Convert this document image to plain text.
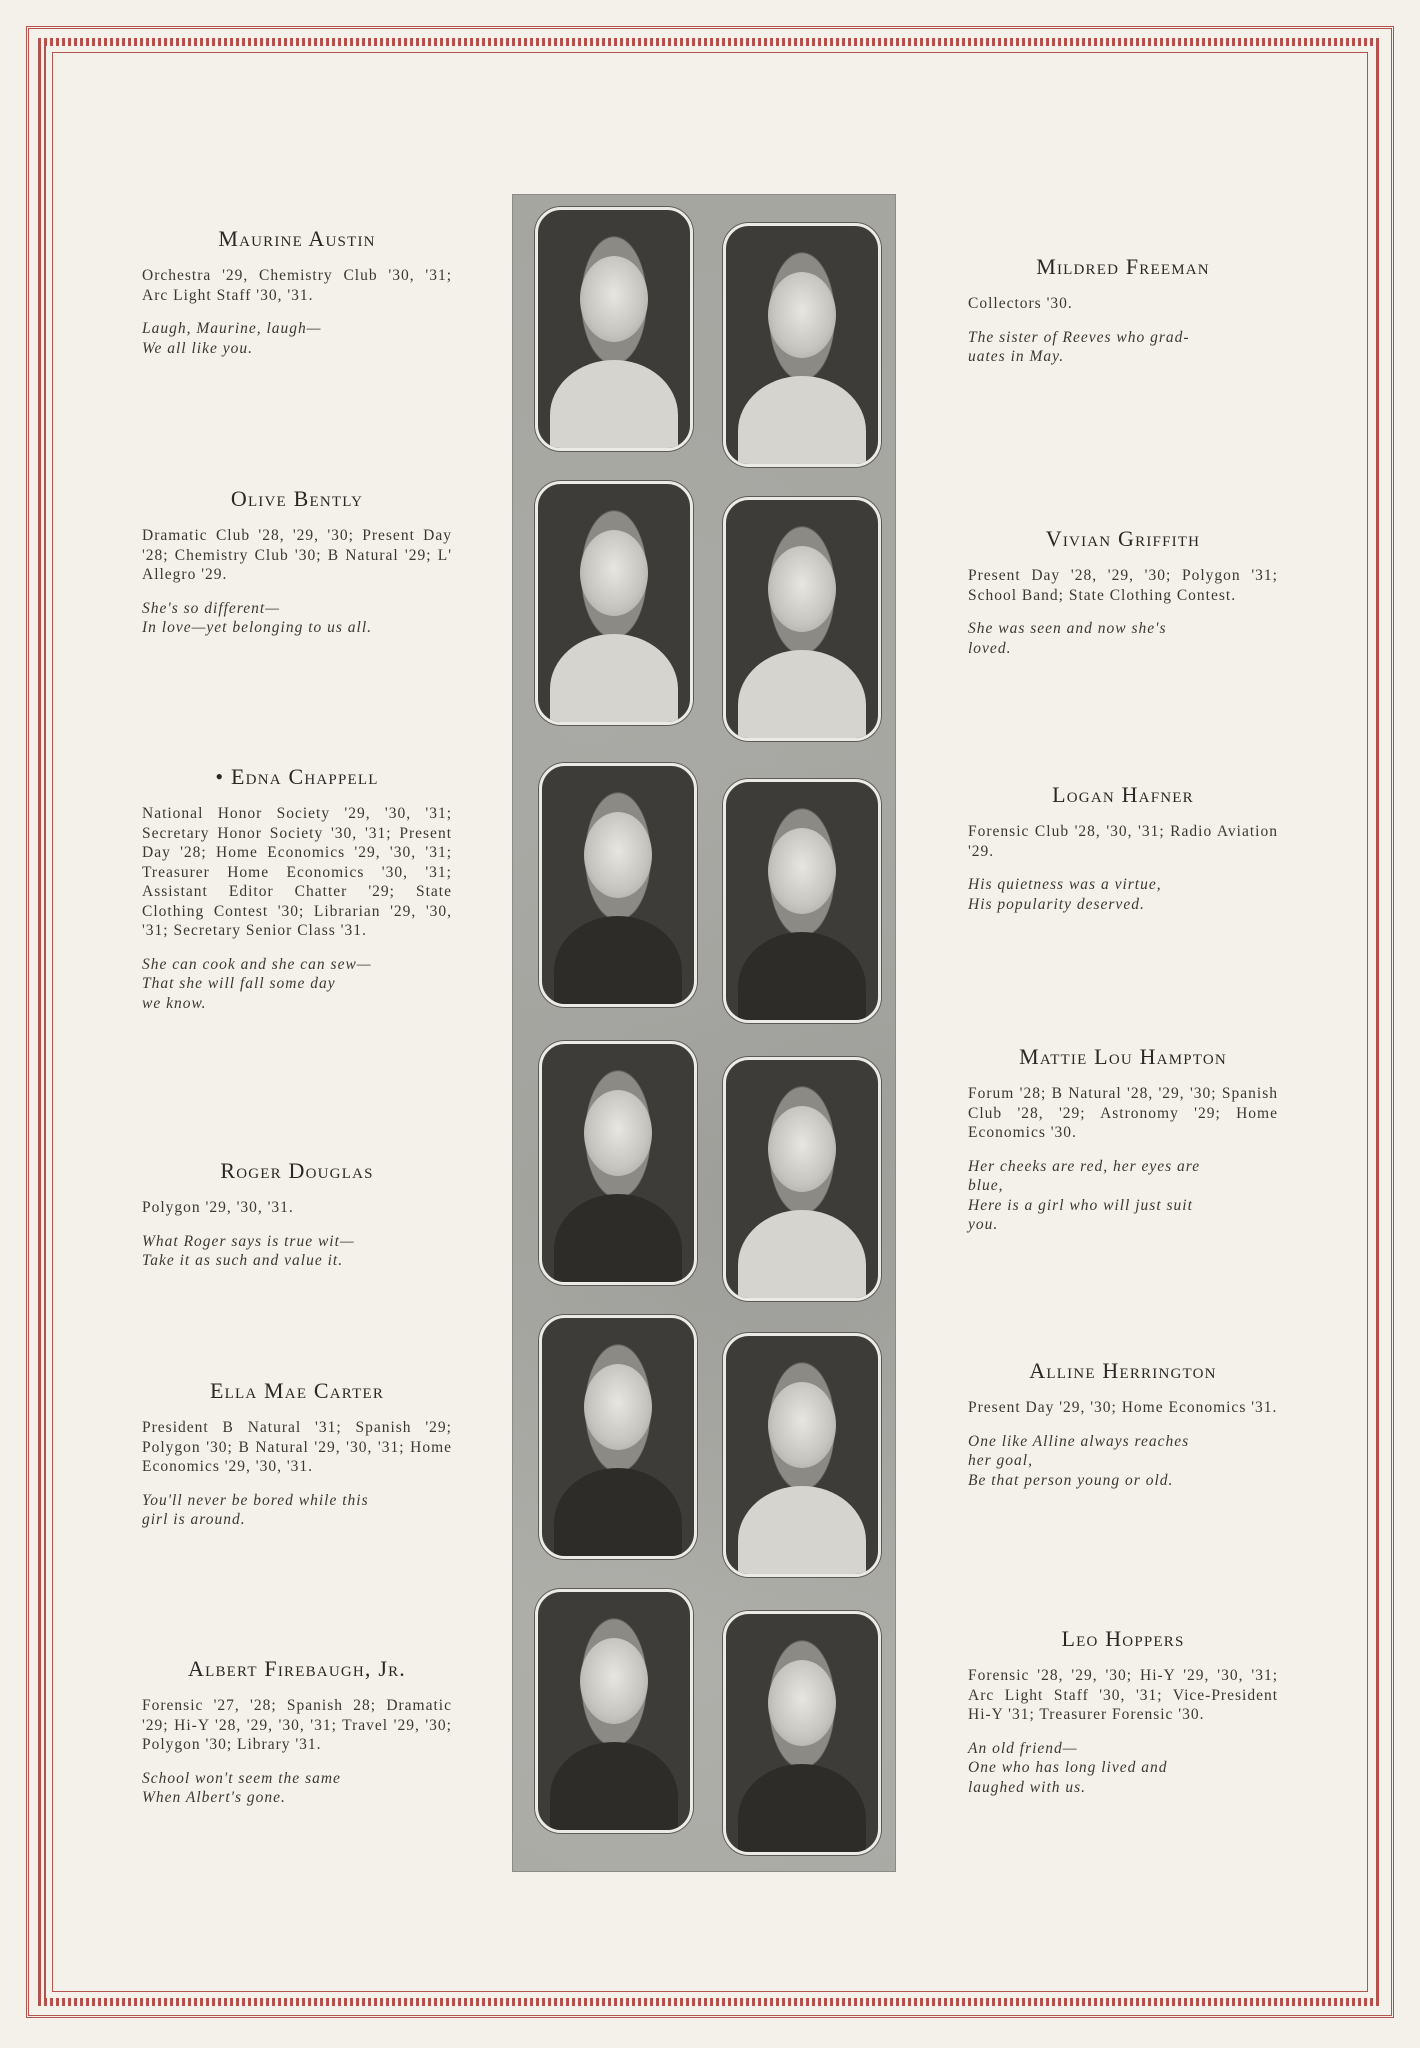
Maurine Austin
Orchestra '29, Chemistry Club '30, '31; Arc Light Staff '30, '31.
Laugh, Maurine, laugh—
We all like you.
Olive Bently
Dramatic Club '28, '29, '30; Present Day '28; Chemistry Club '30; B Natural '29; L' Allegro '29.
She's so different—
In love—yet belonging to us all.
• Edna Chappell
National Honor Society '29, '30, '31; Secretary Honor Society '30, '31; Present Day '28; Home Economics '29, '30, '31; Treasurer Home Economics '30, '31; Assistant Editor Chatter '29; State Clothing Contest '30; Librarian '29, '30, '31; Secretary Senior Class '31.
She can cook and she can sew—
That she will fall some day
we know.
Roger Douglas
Polygon '29, '30, '31.
What Roger says is true wit—
Take it as such and value it.
Ella Mae Carter
President B Natural '31; Spanish '29; Polygon '30; B Natural '29, '30, '31; Home Economics '29, '30, '31.
You'll never be bored while this
girl is around.
Albert Firebaugh, Jr.
Forensic '27, '28; Spanish 28; Dramatic '29; Hi-Y '28, '29, '30, '31; Travel '29, '30; Polygon '30; Library '31.
School won't seem the same
When Albert's gone.
Mildred Freeman
Collectors '30.
The sister of Reeves who grad-
uates in May.
Vivian Griffith
Present Day '28, '29, '30; Polygon '31; School Band; State Clothing Contest.
She was seen and now she's
loved.
Logan Hafner
Forensic Club '28, '30, '31; Radio Aviation '29.
His quietness was a virtue,
His popularity deserved.
Mattie Lou Hampton
Forum '28; B Natural '28, '29, '30; Spanish Club '28, '29; Astronomy '29; Home Economics '30.
Her cheeks are red, her eyes are
blue,
Here is a girl who will just suit
you.
Alline Herrington
Present Day '29, '30; Home Economics '31.
One like Alline always reaches
her goal,
Be that person young or old.
Leo Hoppers
Forensic '28, '29, '30; Hi-Y '29, '30, '31; Arc Light Staff '30, '31; Vice-President Hi-Y '31; Treasurer Forensic '30.
An old friend—
One who has long lived and
laughed with us.
